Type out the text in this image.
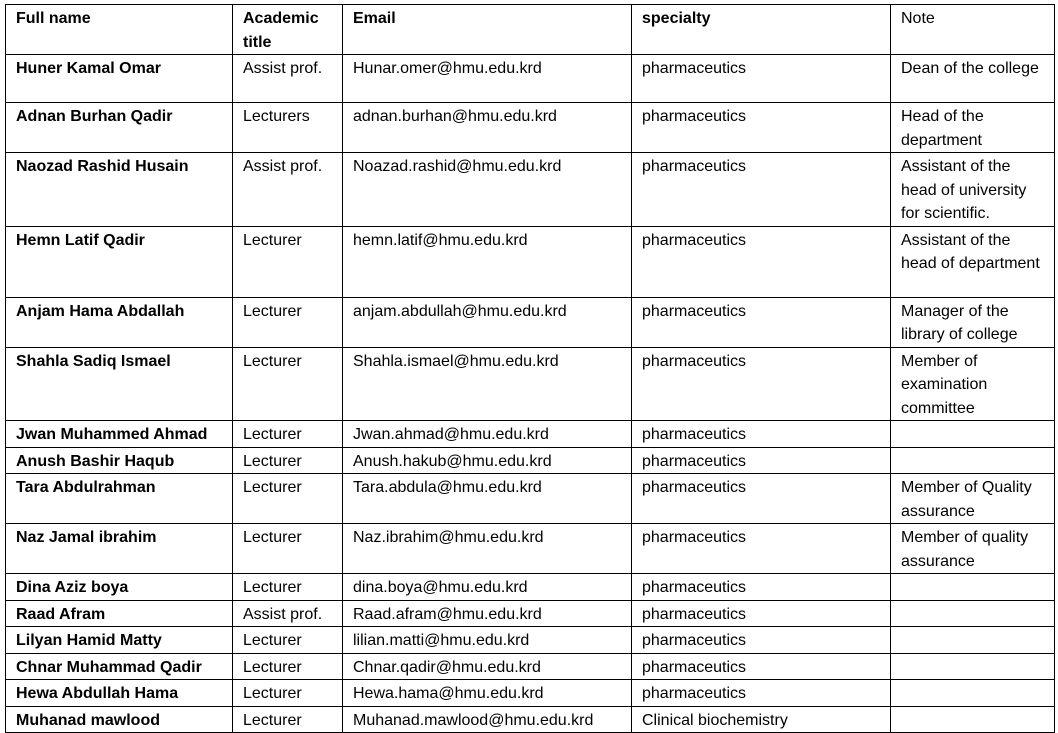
Full name	Academic title	Email	specialty	Note
Huner Kamal Omar	Assist prof.	Hunar.omer@hmu.edu.krd	pharmaceutics	Dean of the college
Adnan Burhan Qadir	Lecturers	adnan.burhan@hmu.edu.krd	pharmaceutics	Head of the department
Naozad Rashid Husain	Assist prof.	Noazad.rashid@hmu.edu.krd	pharmaceutics	Assistant of the head of university for scientific.
Hemn Latif Qadir	Lecturer	hemn.latif@hmu.edu.krd	pharmaceutics	Assistant of the head of department
Anjam Hama Abdallah	Lecturer	anjam.abdullah@hmu.edu.krd	pharmaceutics	Manager of the library of college
Shahla Sadiq Ismael	Lecturer	Shahla.ismael@hmu.edu.krd	pharmaceutics	Member of examination committee
Jwan Muhammed Ahmad	Lecturer	Jwan.ahmad@hmu.edu.krd	pharmaceutics	
Anush Bashir Haqub	Lecturer	Anush.hakub@hmu.edu.krd	pharmaceutics	
Tara Abdulrahman	Lecturer	Tara.abdula@hmu.edu.krd	pharmaceutics	Member of Quality assurance
Naz Jamal ibrahim	Lecturer	Naz.ibrahim@hmu.edu.krd	pharmaceutics	Member of quality assurance
Dina Aziz boya	Lecturer	dina.boya@hmu.edu.krd	pharmaceutics	
Raad Afram	Assist prof.	Raad.afram@hmu.edu.krd	pharmaceutics	
Lilyan Hamid Matty	Lecturer	lilian.matti@hmu.edu.krd	pharmaceutics	
Chnar Muhammad Qadir	Lecturer	Chnar.qadir@hmu.edu.krd	pharmaceutics	
Hewa Abdullah Hama	Lecturer	Hewa.hama@hmu.edu.krd	pharmaceutics	
Muhanad mawlood	Lecturer	Muhanad.mawlood@hmu.edu.krd	Clinical biochemistry	
